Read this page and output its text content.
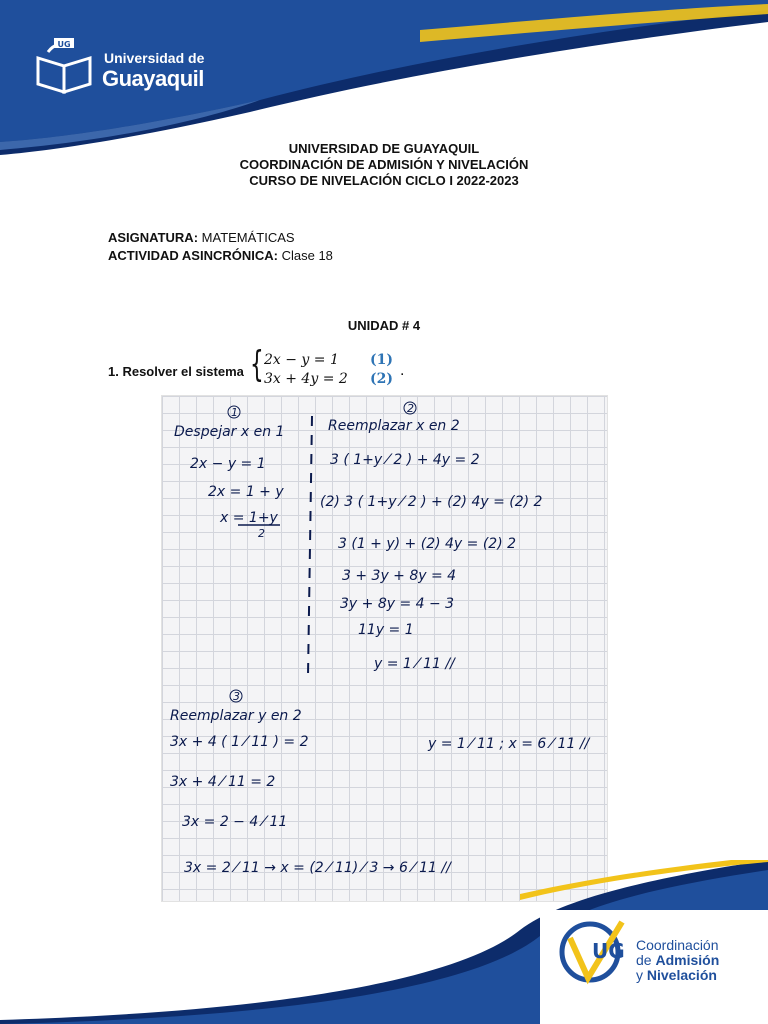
UG
Universidad de
Guayaquil
UNIVERSIDAD DE GUAYAQUIL
COORDINACIÓN DE ADMISIÓN Y NIVELACIÓN
CURSO DE NIVELACIÓN CICLO I 2022-2023
ASIGNATURA: MATEMÁTICAS
ACTIVIDAD ASINCRÓNICA: Clase 18
UNIDAD # 4
1. Resolver el sistema { 2x − y = 1 (1)
3x + 4y = 2 (2) .
1
Despejar x en 1
2x − y = 1
2x = 1 + y
x = 1+y
2
2
Reemplazar x en 2
3 ( 1+y ⁄ 2 ) + 4y = 2
(2) 3 ( 1+y ⁄ 2 ) + (2) 4y = (2) 2
3 (1 + y) + (2) 4y = (2) 2
3 + 3y + 8y = 4
3y + 8y = 4 − 3
11y = 1
y = 1 ⁄ 11 //
3
Reemplazar y en 2
3x + 4 ( 1 ⁄ 11 ) = 2
3x + 4 ⁄ 11 = 2
3x = 2 − 4 ⁄ 11
3x = 2 ⁄ 11 → x = (2 ⁄ 11) ⁄ 3 → 6 ⁄ 11 //
y = 1 ⁄ 11 ; x = 6 ⁄ 11 //
UG Coordinación
de Admisión
y Nivelación
